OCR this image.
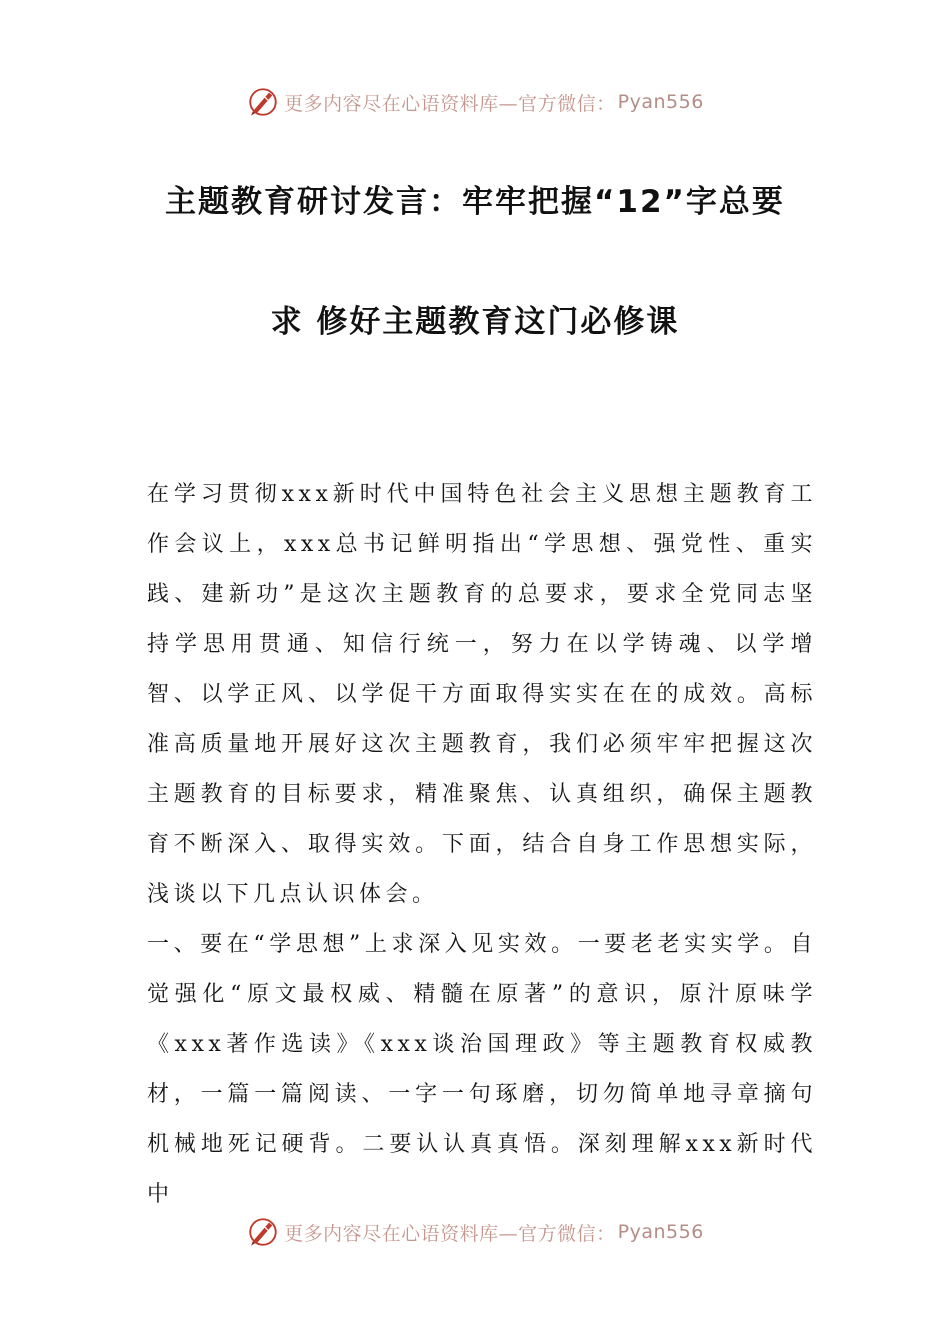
更多内容尽在心语资料库—官方微信： Pyan556
主题教育研讨发言：牢牢把握“12”字总要
求 修好主题教育这门必修课

在学习贯彻xxx新时代中国特色社会主义思想主题教育工作会议上，xxx总书记鲜明指出“学思想、强党性、重实践、建新功”是这次主题教育的总要求，要求全党同志坚持学思用贯通、知信行统一，努力在以学铸魂、以学增智、以学正风、以学促干方面取得实实在在的成效。高标准高质量地开展好这次主题教育，我们必须牢牢把握这次主题教育的目标要求，精准聚焦、认真组织，确保主题教育不断深入、取得实效。下面，结合自身工作思想实际，浅谈以下几点认识体会。

一、要在“学思想”上求深入见实效。一要老老实实学。自觉强化“原文最权威、精髓在原著”的意识，原汁原味学《xxx著作选读》《xxx谈治国理政》等主题教育权威教材，一篇一篇阅读、一字一句琢磨，切勿简单地寻章摘句机械地死记硬背。二要认认真真悟。深刻理解xxx新时代中

更多内容尽在心语资料库—官方微信： Pyan556
